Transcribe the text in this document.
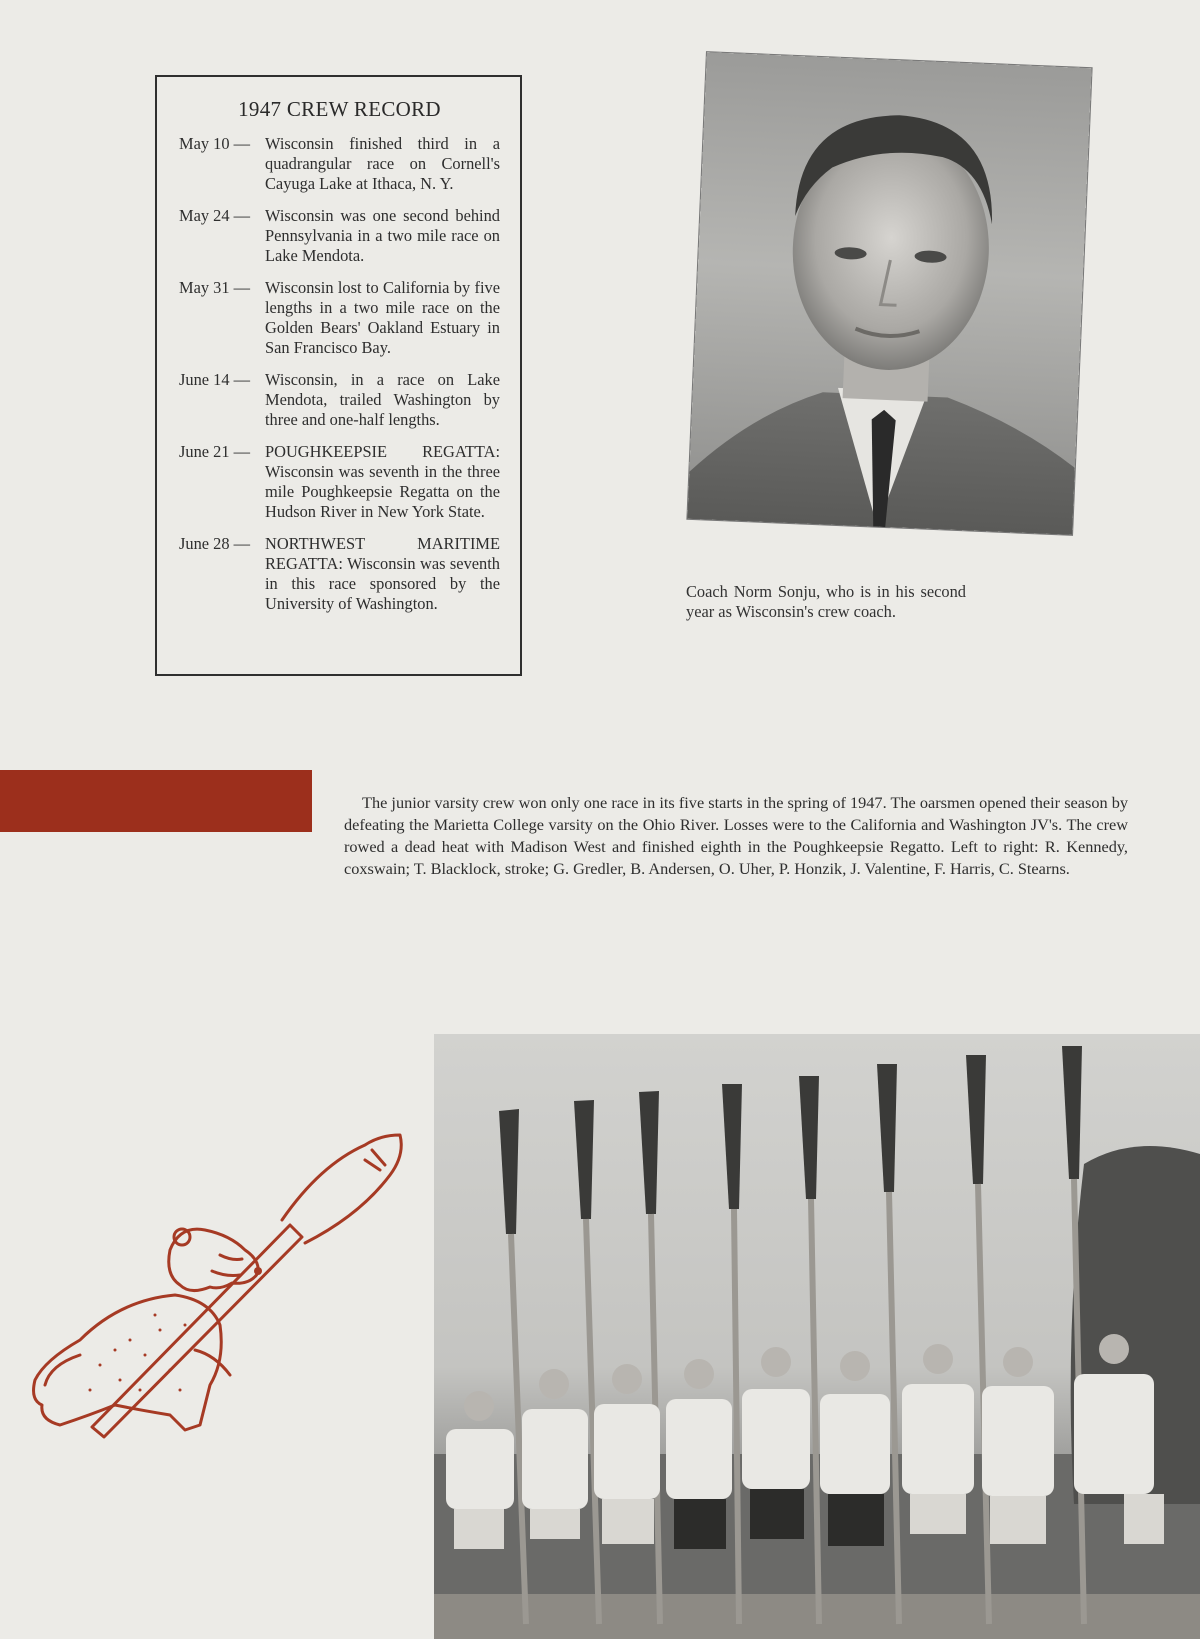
1947 CREW RECORD
May 10 — Wisconsin finished third in a quadrangular race on Cornell's Cayuga Lake at Ithaca, N. Y.
May 24 — Wisconsin was one second behind Pennsylvania in a two mile race on Lake Mendota.
May 31 — Wisconsin lost to California by five lengths in a two mile race on the Golden Bears' Oakland Estuary in San Francisco Bay.
June 14 — Wisconsin, in a race on Lake Mendota, trailed Washington by three and one-half lengths.
June 21 — POUGHKEEPSIE REGATTA: Wisconsin was seventh in the three mile Poughkeepsie Regatta on the Hudson River in New York State.
June 28 — NORTHWEST MARITIME REGATTA: Wisconsin was seventh in this race sponsored by the University of Washington.
Coach Norm Sonju, who is in his second year as Wisconsin's crew coach.
The junior varsity crew won only one race in its five starts in the spring of 1947. The oarsmen opened their season by defeating the Marietta College varsity on the Ohio River. Losses were to the California and Washington JV's. The crew rowed a dead heat with Madison West and finished eighth in the Poughkeepsie Regatto. Left to right: R. Kennedy, coxswain; T. Blacklock, stroke; G. Gredler, B. Andersen, O. Uher, P. Honzik, J. Valentine, F. Harris, C. Stearns.
